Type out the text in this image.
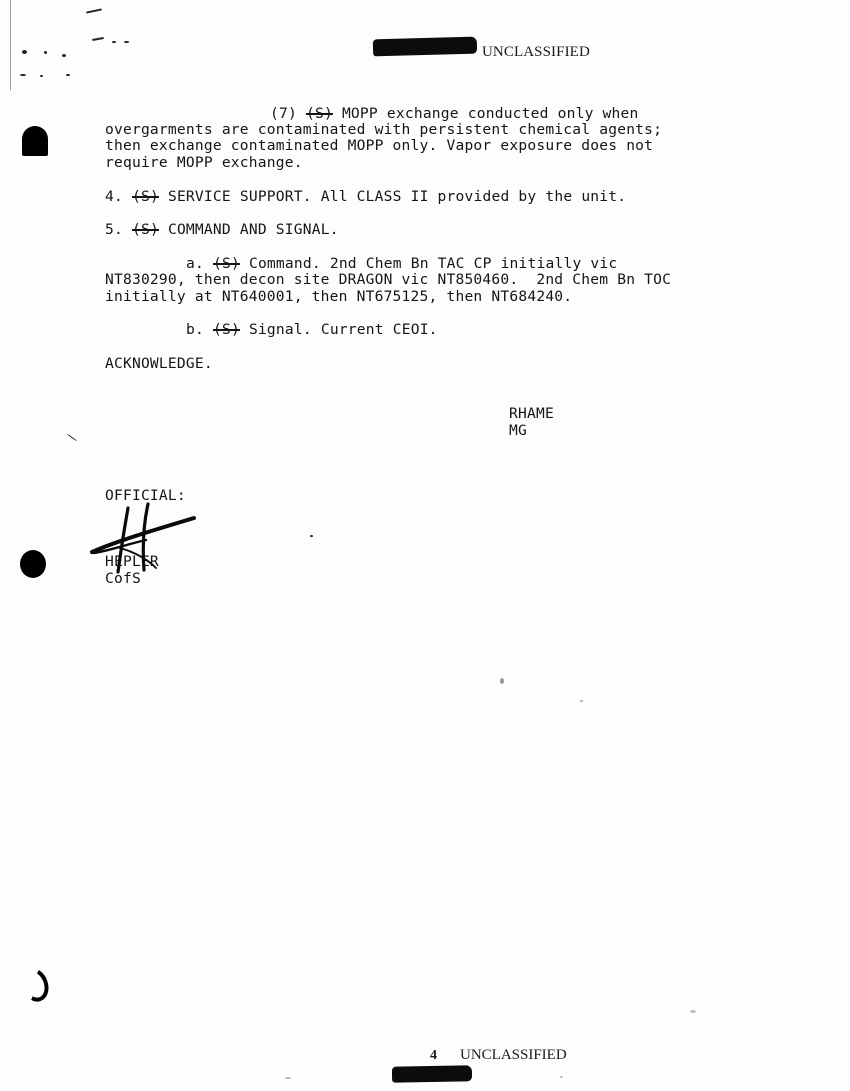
UNCLASSIFIED
(7) (S) MOPP exchange conducted only when
overgarments are contaminated with persistent chemical agents;
then exchange contaminated MOPP only. Vapor exposure does not
require MOPP exchange.
4. (S) SERVICE SUPPORT. All CLASS II provided by the unit.
5. (S) COMMAND AND SIGNAL.
a. (S) Command. 2nd Chem Bn TAC CP initially vic
NT830290, then decon site DRAGON vic NT850460.  2nd Chem Bn TOC
initially at NT640001, then NT675125, then NT684240.
b. (S) Signal. Current CEOI.
ACKNOWLEDGE.
RHAME
MG
OFFICIAL:
HEPLER
CofS
4 UNCLASSIFIED
